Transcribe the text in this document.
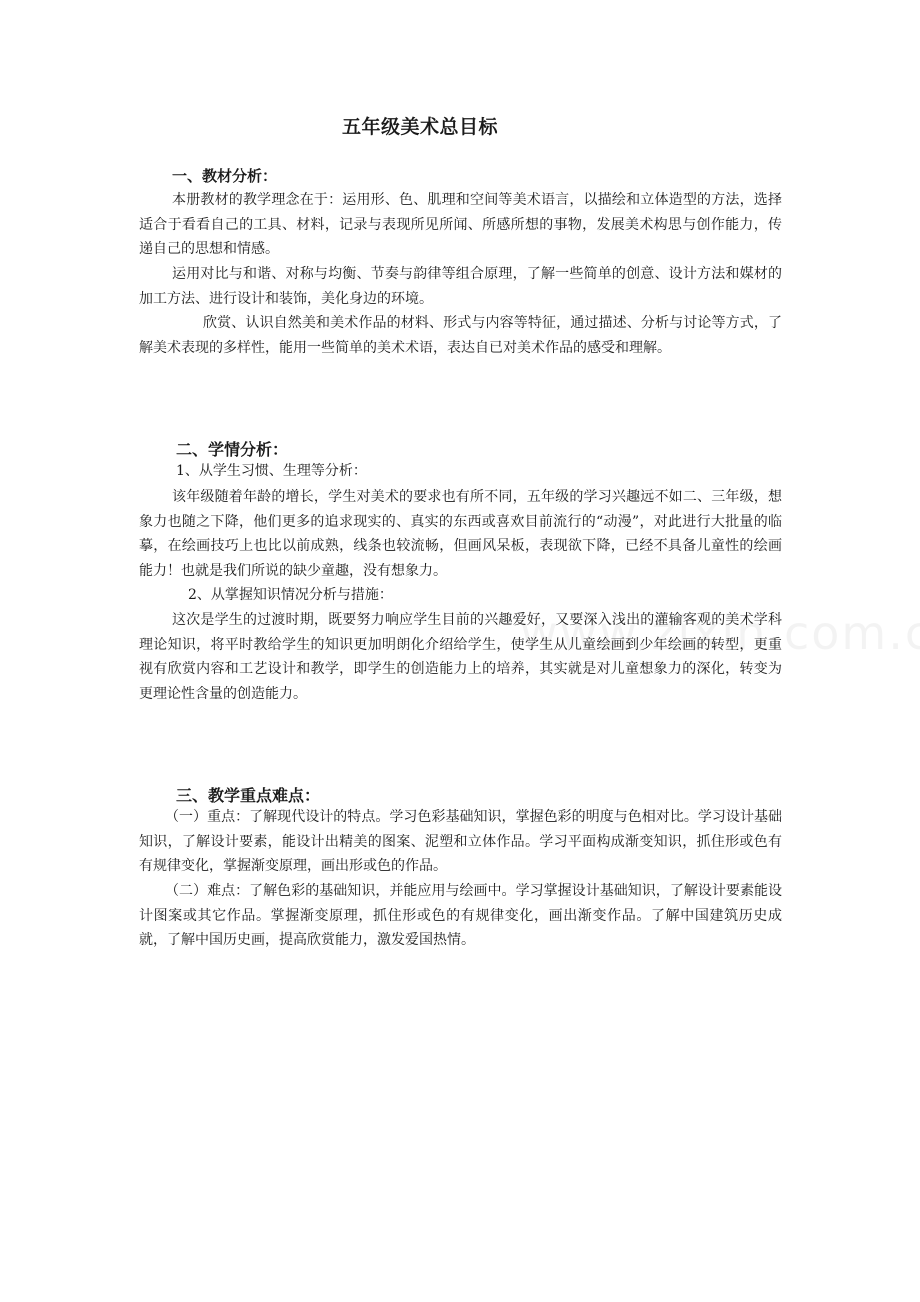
五年级美术总目标
一、教材分析：

本册教材的教学理念在于：运用形、色、肌理和空间等美术语言，以描绘和立体造型的方法，选择适合于看看自己的工具、材料，记录与表现所见所闻、所感所想的事物，发展美术构思与创作能力，传递自己的思想和情感。

运用对比与和谐、对称与均衡、节奏与韵律等组合原理，了解一些简单的创意、设计方法和媒材的加工方法、进行设计和装饰，美化身边的环境。

欣赏、认识自然美和美术作品的材料、形式与内容等特征，通过描述、分析与讨论等方式，了解美术表现的多样性，能用一些简单的美术术语，表达自已对美术作品的感受和理解。

二、学情分析：
1、从学生习惯、生理等分析：

该年级随着年龄的增长，学生对美术的要求也有所不同，五年级的学习兴趣远不如二、三年级，想象力也随之下降，他们更多的追求现实的、真实的东西或喜欢目前流行的“动漫”，对此进行大批量的临摹，在绘画技巧上也比以前成熟，线条也较流畅，但画风呆板，表现欲下降，已经不具备儿童性的绘画能力！也就是我们所说的缺少童趣，没有想象力。

2、从掌握知识情况分析与措施：

这次是学生的过渡时期，既要努力响应学生目前的兴趣爱好，又要深入浅出的灌输客观的美术学科理论知识，将平时教给学生的知识更加明朗化介绍给学生，使学生从儿童绘画到少年绘画的转型，更重视有欣赏内容和工艺设计和教学，即学生的创造能力上的培养，其实就是对儿童想象力的深化，转变为更理论性含量的创造能力。

三、教学重点难点：

（一）重点：了解现代设计的特点。学习色彩基础知识，掌握色彩的明度与色相对比。学习设计基础知识，了解设计要素，能设计出精美的图案、泥塑和立体作品。学习平面构成渐变知识，抓住形或色有有规律变化，掌握渐变原理，画出形或色的作品。

（二）难点：了解色彩的基础知识，并能应用与绘画中。学习掌握设计基础知识，了解设计要素能设计图案或其它作品。掌握渐变原理，抓住形或色的有规律变化，画出渐变作品。了解中国建筑历史成就，了解中国历史画，提高欣赏能力，激发爱国热情。
